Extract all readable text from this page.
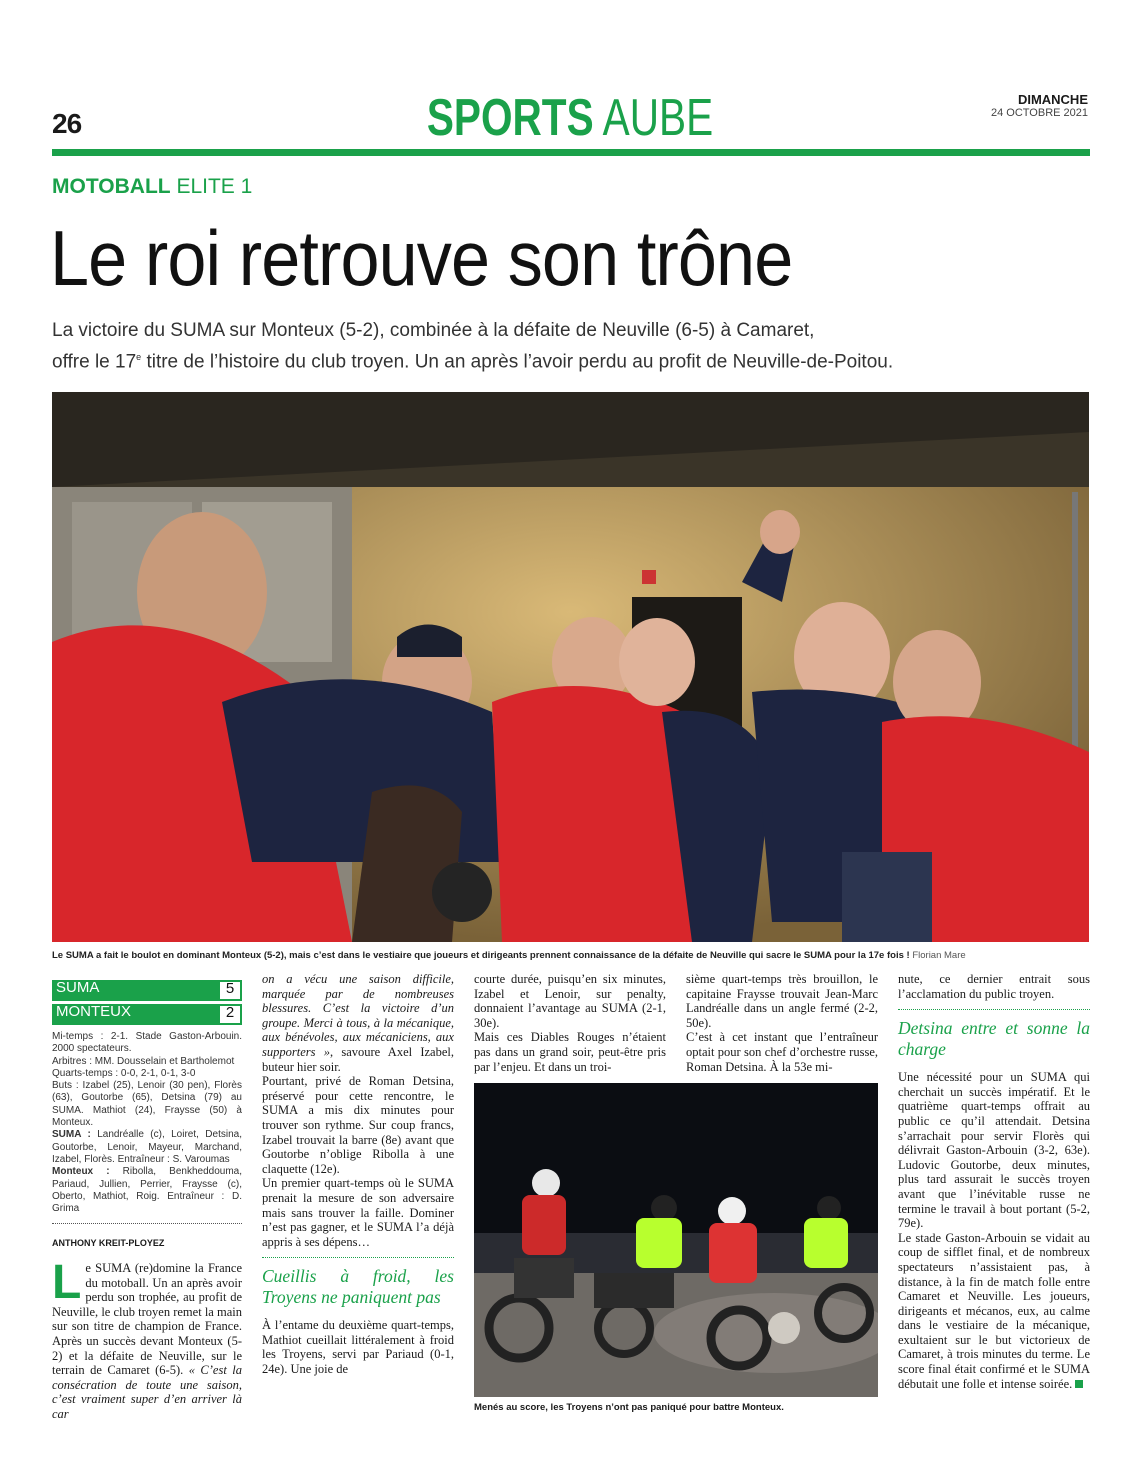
26	SPORTS AUBE	DIMANCHE
24 OCTOBRE 2021
MOTOBALL ELITE 1
Le roi retrouve son trône
La victoire du SUMA sur Monteux (5-2), combinée à la défaite de Neuville (6-5) à Camaret,
offre le 17e titre de l’histoire du club troyen. Un an après l’avoir perdu au profit de Neuville-de-Poitou.
Le SUMA a fait le boulot en dominant Monteux (5-2), mais c’est dans le vestiaire que joueurs et dirigeants prennent connaissance de la défaite de Neuville qui sacre le SUMA pour la 17e fois ! Florian Mare
SUMA	5
MONTEUX	2

Mi-temps : 2-1. Stade Gaston-Arbouin. 2000 spectateurs.

Arbitres : MM. Dousselain et Bartholemot

Quarts-temps : 0-0, 2-1, 0-1, 3-0

Buts : Izabel (25), Lenoir (30 pen), Florès (63), Goutorbe (65), Detsina (79) au SUMA. Mathiot (24), Fraysse (50) à Monteux.

SUMA : Landréalle (c), Loiret, Detsina, Goutorbe, Lenoir, Mayeur, Marchand, Izabel, Florès. Entraîneur : S. Varoumas

Monteux : Ribolla, Benkheddouma, Pariaud, Jullien, Perrier, Fraysse (c), Oberto, Mathiot, Roig. Entraîneur : D. Grima

ANTHONY KREIT-PLOYEZ

Le SUMA (re)domine la France du motoball. Un an après avoir perdu son trophée, au profit de Neuville, le club troyen remet la main sur son titre de champion de France. Après un succès devant Monteux (5-2) et la défaite de Neuville, sur le terrain de Camaret (6-5). « C’est la consécration de toute une saison, c’est vraiment super d’en arriver là car

on a vécu une saison difficile, marquée par de nombreuses blessures. C’est la victoire d’un groupe. Merci à tous, à la mécanique, aux bénévoles, aux mécaniciens, aux supporters », savoure Axel Izabel, buteur hier soir.

Pourtant, privé de Roman Detsina, préservé pour cette rencontre, le SUMA a mis dix minutes pour trouver son rythme. Sur coup francs, Izabel trouvait la barre (8e) avant que Goutorbe n’oblige Ribolla à une claquette (12e).

Un premier quart-temps où le SUMA prenait la mesure de son adversaire mais sans trouver la faille. Dominer n’est pas gagner, et le SUMA l’a déjà appris à ses dépens…

Cueillis à froid, les Troyens ne paniquent pas

À l’entame du deuxième quart-temps, Mathiot cueillait littéralement à froid les Troyens, servi par Pariaud (0-1, 24e). Une joie de

courte durée, puisqu’en six minutes, Izabel et Lenoir, sur penalty, donnaient l’avantage au SUMA (2-1, 30e).

Mais ces Diables Rouges n’étaient pas dans un grand soir, peut-être pris par l’enjeu. Et dans un troi-

sième quart-temps très brouillon, le capitaine Fraysse trouvait Jean-Marc Landréalle dans un angle fermé (2-2, 50e).

C’est à cet instant que l’entraîneur optait pour son chef d’orchestre russe, Roman Detsina. À la 53e mi-

Menés au score, les Troyens n’ont pas paniqué pour battre Monteux.

nute, ce dernier entrait sous l’acclamation du public troyen.

Detsina entre et sonne la charge

Une nécessité pour un SUMA qui cherchait un succès impératif. Et le quatrième quart-temps offrait au public ce qu’il attendait. Detsina s’arrachait pour servir Florès qui délivrait Gaston-Arbouin (3-2, 63e). Ludovic Goutorbe, deux minutes, plus tard assurait le succès troyen avant que l’inévitable russe ne termine le travail à bout portant (5-2, 79e).

Le stade Gaston-Arbouin se vidait au coup de sifflet final, et de nombreux spectateurs n’assistaient pas, à distance, à la fin de match folle entre Camaret et Neuville. Les joueurs, dirigeants et mécanos, eux, au calme dans le vestiaire de la mécanique, exultaient sur le but victorieux de Camaret, à trois minutes du terme. Le score final était confirmé et le SUMA débutait une folle et intense soirée.
